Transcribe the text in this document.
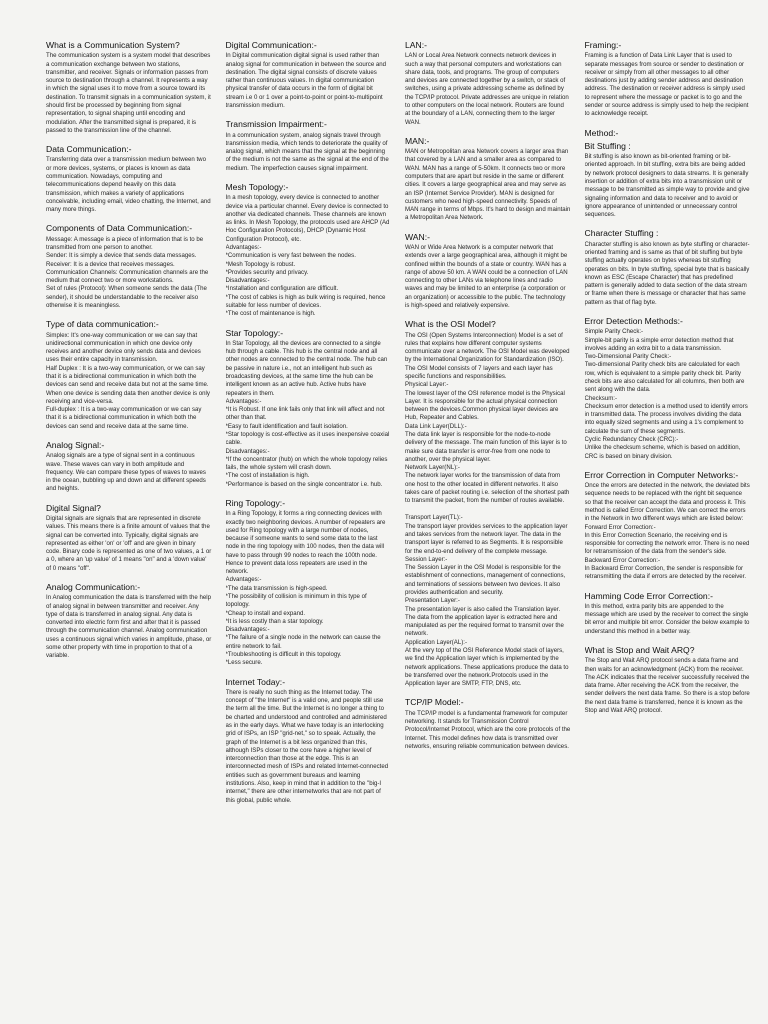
What is a Communication System?
The communication system is a system model that describes a communication exchange between two stations, transmitter, and receiver. Signals or information passes from source to destination through a channel. It represents a way in which the signal uses it to move from a source toward its destination. To transmit signals in a communication system, it should first be processed by beginning from signal representation, to signal shaping until encoding and modulation. After the transmitted signal is prepared, it is passed to the transmission line of the channel.
Data Communication:-
Transferring data over a transmission medium between two or more devices, systems, or places is known as data communication. Nowadays, computing and telecommunications depend heavily on this data transmission, which makes a variety of applications conceivable, including email, video chatting, the Internet, and many more things.
Components of Data Communication:-
Message: A message is a piece of information that is to be transmitted from one person to another.
Sender: It is simply a device that sends data messages.
Receiver: It is a device that receives messages.
Communication Channels: Communication channels are the medium that connect two or more workstations.
Set of rules (Protocol): When someone sends the data (The sender), it should be understandable to the receiver also otherwise it is meaningless.
Type of data communication:-
Simplex: It's one-way communication or we can say that unidirectional communication in which one device only receives and another device only sends data and devices uses their entire capacity in transmission.
Half Duplex : It is a two-way communication, or we can say that it is a bidirectional communication in which both the devices can send and receive data but not at the same time. When one device is sending data then another device is only receiving and vice-versa.
Full-duplex : It is a two-way communication or we can say that it is a bidirectional communication in which both the devices can send and receive data at the same time.
Analog Signal:-
Analog signals are a type of signal sent in a continuous wave. These waves can vary in both amplitude and frequency. We can compare these types of waves to waves in the ocean, bubbling up and down and at different speeds and heights.
Digital Signal?
Digital signals are signals that are represented in discrete values. This means there is a finite amount of values that the signal can be converted into. Typically, digital signals are represented as either 'on' or 'off' and are given in binary code. Binary code is represented as one of two values, a 1 or a 0, where an 'up value' of 1 means "on" and a 'down value' of 0 means "off".
Analog Communication:-
In Analog communication the data is transferred with the help of analog signal in between transmitter and receiver. Any type of data is transferred in analog signal. Any data is converted into electric form first and after that it is passed through the communication channel. Analog communication uses a continuous signal which varies in amplitude, phase, or some other property with time in proportion to that of a variable.
Digital Communication:-
In Digital communication digital signal is used rather than analog signal for communication in between the source and destination. The digital signal consists of discrete values rather than continuous values. In digital communication physical transfer of data occurs in the form of digital bit stream i.e 0 or 1 over a point-to-point or point-to-multipoint transmission medium.
Transmission Impairment:-
In a communication system, analog signals travel through transmission media, which tends to deteriorate the quality of analog signal, which means that the signal at the beginning of the medium is not the same as the signal at the end of the medium. The imperfection causes signal impairment.
Mesh Topology:-
In a mesh topology, every device is connected to another device via a particular channel. Every device is connected to another via dedicated channels. These channels are known as links. In Mesh Topology, the protocols used are AHCP (Ad Hoc Configuration Protocols), DHCP (Dynamic Host Configuration Protocol), etc.
Advantages:-
*Communication is very fast between the nodes.
*Mesh Topology is robust.
*Provides security and privacy.
Disadvantages:-
*Installation and configuration are difficult.
*The cost of cables is high as bulk wiring is required, hence suitable for less number of devices.
*The cost of maintenance is high.
Star Topology:-
In Star Topology, all the devices are connected to a single hub through a cable. This hub is the central node and all other nodes are connected to the central node. The hub can be passive in nature i.e., not an intelligent hub such as broadcasting devices, at the same time the hub can be intelligent known as an active hub. Active hubs have repeaters in them.
Advantages:-
*It is Robust. If one link fails only that link will affect and not other than that.
*Easy to fault identification and fault isolation.
*Star topology is cost-effective as it uses inexpensive coaxial cable.
Disadvantages:-
*If the concentrator (hub) on which the whole topology relies fails, the whole system will crash down.
*The cost of installation is high.
*Performance is based on the single concentrator i.e. hub.
Ring Topology:-
In a Ring Topology, it forms a ring connecting devices with exactly two neighboring devices. A number of repeaters are used for Ring topology with a large number of nodes, because if someone wants to send some data to the last node in the ring topology with 100 nodes, then the data will have to pass through 99 nodes to reach the 100th node. Hence to prevent data loss repeaters are used in the network.
Advantages:-
*The data transmission is high-speed.
*The possibility of collision is minimum in this type of topology.
*Cheap to install and expand.
*It is less costly than a star topology.
Disadvantages:-
*The failure of a single node in the network can cause the entire network to fail.
*Troubleshooting is difficult in this topology.
*Less secure.
Internet Today:-
There is really no such thing as the Internet today. The concept of "the Internet" is a valid one, and people still use the term all the time. But the Internet is no longer a thing to be charted and understood and controlled and administered as in the early days. What we have today is an interlocking grid of ISPs, an ISP "grid-net," so to speak. Actually, the graph of the Internet is a bit less organized than this, although ISPs closer to the core have a higher level of interconnection than those at the edge. This is an interconnected mesh of ISPs and related Internet-connected entities such as government bureaus and learning institutions. Also, keep in mind that in addition to the "big-I internet," there are other internetworks that are not part of this global, public whole.
LAN:-
LAN or Local Area Network connects network devices in such a way that personal computers and workstations can share data, tools, and programs. The group of computers and devices are connected together by a switch, or stack of switches, using a private addressing scheme as defined by the TCP/IP protocol. Private addresses are unique in relation to other computers on the local network. Routers are found at the boundary of a LAN, connecting them to the larger WAN.
MAN:-
MAN or Metropolitan area Network covers a larger area than that covered by a LAN and a smaller area as compared to WAN. MAN has a range of 5-50km. It connects two or more computers that are apart but reside in the same or different cities. It covers a large geographical area and may serve as an ISP (Internet Service Provider). MAN is designed for customers who need high-speed connectivity. Speeds of MAN range in terms of Mbps. It's hard to design and maintain a Metropolitan Area Network.
WAN:-
WAN or Wide Area Network is a computer network that extends over a large geographical area, although it might be confined within the bounds of a state or country. WAN has a range of above 50 km. A WAN could be a connection of LAN connecting to other LANs via telephone lines and radio waves and may be limited to an enterprise (a corporation or an organization) or accessible to the public. The technology is high-speed and relatively expensive.
What is the OSI Model?
The OSI (Open Systems Interconnection) Model is a set of rules that explains how different computer systems communicate over a network. The OSI Model was developed by the International Organization for Standardization (ISO). The OSI Model consists of 7 layers and each layer has specific functions and responsibilities.
Physical Layer:-
The lowest layer of the OSI reference model is the Physical Layer. It is responsible for the actual physical connection between the devices.Common physical layer devices are Hub, Repeater and Cables.
Data Link Layer(DLL):-
The data link layer is responsible for the node-to-node delivery of the message. The main function of this layer is to make sure data transfer is error-free from one node to another, over the physical layer.
Network Layer(NL):-
The network layer works for the transmission of data from one host to the other located in different networks. It also takes care of packet routing i.e. selection of the shortest path to transmit the packet, from the number of routes available.
Transport Layer(TL):-
The transport layer provides services to the application layer and takes services from the network layer. The data in the transport layer is referred to as Segments. It is responsible for the end-to-end delivery of the complete message.
Session Layer:-
The Session Layer in the OSI Model is responsible for the establishment of connections, management of connections, and terminations of sessions between two devices. It also provides authentication and security.
Presentation Layer:-
The presentation layer is also called the Translation layer. The data from the application layer is extracted here and manipulated as per the required format to transmit over the network.
Application Layer(AL):-
At the very top of the OSI Reference Model stack of layers, we find the Application layer which is implemented by the network applications. These applications produce the data to be transferred over the network.Protocols used in the Application layer are SMTP, FTP, DNS, etc.
TCP/IP Model:-
The TCP/IP model is a fundamental framework for computer networking. It stands for Transmission Control Protocol/Internet Protocol, which are the core protocols of the Internet. This model defines how data is transmitted over networks, ensuring reliable communication between devices.
Framing:-
Framing is a function of Data Link Layer that is used to separate messages from source or sender to destination or receiver or simply from all other messages to all other destinations just by adding sender address and destination address. The destination or receiver address is simply used to represent where the message or packet is to go and the sender or source address is simply used to help the recipient to acknowledge receipt.
Method:-
Bit Stuffing :
Bit stuffing is also known as bit-oriented framing or bit-oriented approach. In bit stuffing, extra bits are being added by network protocol designers to data streams. It is generally insertion or addition of extra bits into a transmission unit or message to be transmitted as simple way to provide and give signaling information and data to receiver and to avoid or ignore appearance of unintended or unnecessary control sequences.
Character Stuffing :
Character stuffing is also known as byte stuffing or character-oriented framing and is same as that of bit stuffing but byte stuffing actually operates on bytes whereas bit stuffing operates on bits. In byte stuffing, special byte that is basically known as ESC (Escape Character) that has predefined pattern is generally added to data section of the data stream or frame when there is message or character that has same pattern as that of flag byte.
Error Detection Methods:-
Simple Parity Check:-
Simple-bit parity is a simple error detection method that involves adding an extra bit to a data transmission.
Two-Dimensional Parity Check:-
Two-dimensional Parity check bits are calculated for each row, which is equivalent to a simple parity check bit. Parity check bits are also calculated for all columns, then both are sent along with the data.
Checksum:-
Checksum error detection is a method used to identify errors in transmitted data. The process involves dividing the data into equally sized segments and using a 1's complement to calculate the sum of these segments.
Cyclic Redundancy Check (CRC):-
Unlike the checksum scheme, which is based on addition, CRC is based on binary division.
Error Correction in Computer Networks:-
Once the errors are detected in the network, the deviated bits sequence needs to be replaced with the right bit sequence so that the receiver can accept the data and process it. This method is called Error Correction. We can correct the errors in the Network in two different ways which are listed below:
Forward Error Correction:-
In this Error Correction Scenario, the receiving end is responsible for correcting the network error. There is no need for retransmission of the data from the sender's side.
Backward Error Correction:-
In Backward Error Correction, the sender is responsible for retransmitting the data if errors are detected by the receiver.
Hamming Code Error Correction:-
In this method, extra parity bits are appended to the message which are used by the receiver to correct the single bit error and multiple bit error. Consider the below example to understand this method in a better way.
What is Stop and Wait ARQ?
The Stop and Wait ARQ protocol sends a data frame and then waits for an acknowledgment (ACK) from the receiver. The ACK indicates that the receiver successfully received the data frame. After receiving the ACK from the receiver, the sender delivers the next data frame. So there is a stop before the next data frame is transferred, hence it is known as the Stop and Wait ARQ protocol.
